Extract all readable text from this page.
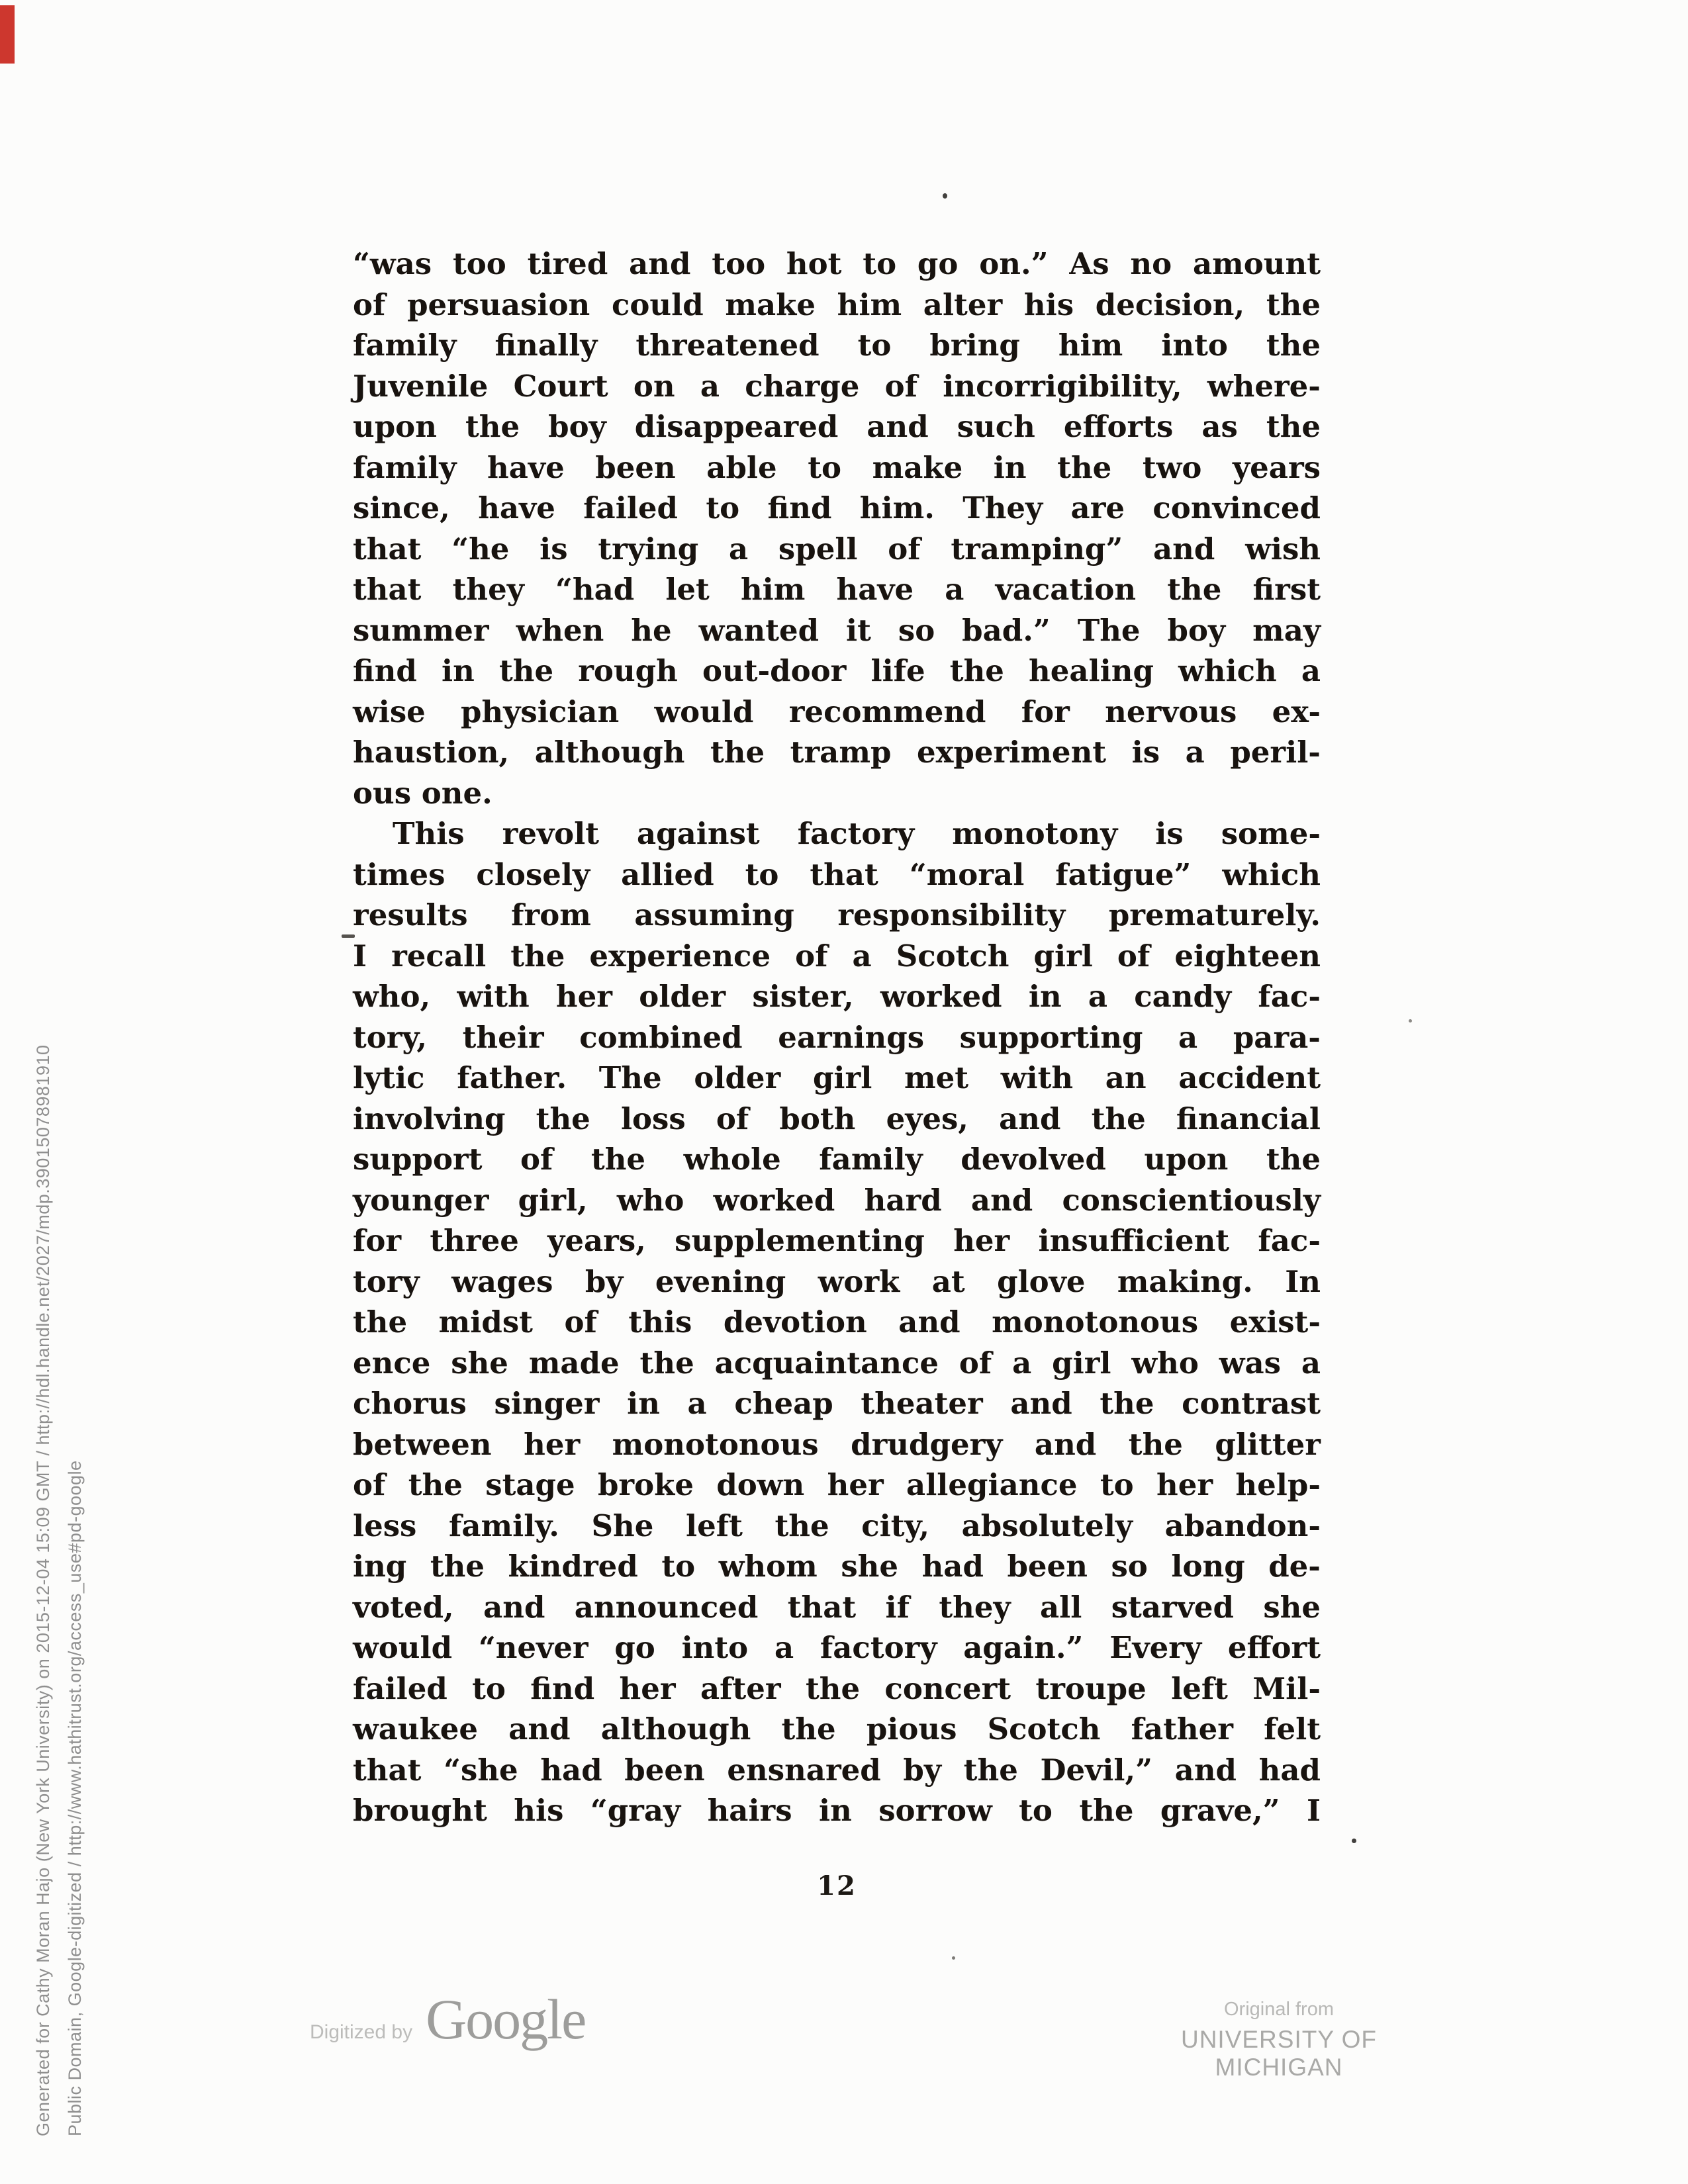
Generated for Cathy Moran Hajo (New York University) on 2015-12-04 15:09 GMT / http://hdl.handle.net/2027/mdp.39015078981910 Public Domain, Google-digitized / http://www.hathitrust.org/access_use#pd-google
“was too tired and too hot to go on.” As no amount
of persuasion could make him alter his decision, the
family finally threatened to bring him into the
Juvenile Court on a charge of incorrigibility, where-
upon the boy disappeared and such efforts as the
family have been able to make in the two years
since, have failed to find him. They are convinced
that “he is trying a spell of tramping” and wish
that they “had let him have a vacation the first
summer when he wanted it so bad.” The boy may
find in the rough out-door life the healing which a
wise physician would recommend for nervous ex-
haustion, although the tramp experiment is a peril-
ous one.
This revolt against factory monotony is some-
times closely allied to that “moral fatigue” which
results from assuming responsibility prematurely.
I recall the experience of a Scotch girl of eighteen
who, with her older sister, worked in a candy fac-
tory, their combined earnings supporting a para-
lytic father. The older girl met with an accident
involving the loss of both eyes, and the financial
support of the whole family devolved upon the
younger girl, who worked hard and conscientiously
for three years, supplementing her insufficient fac-
tory wages by evening work at glove making. In
the midst of this devotion and monotonous exist-
ence she made the acquaintance of a girl who was a
chorus singer in a cheap theater and the contrast
between her monotonous drudgery and the glitter
of the stage broke down her allegiance to her help-
less family. She left the city, absolutely abandon-
ing the kindred to whom she had been so long de-
voted, and announced that if they all starved she
would “never go into a factory again.” Every effort
failed to find her after the concert troupe left Mil-
waukee and although the pious Scotch father felt
that “she had been ensnared by the Devil,” and had
brought his “gray hairs in sorrow to the grave,” I
12
Digitized by Google	Original from
UNIVERSITY OF MICHIGAN
